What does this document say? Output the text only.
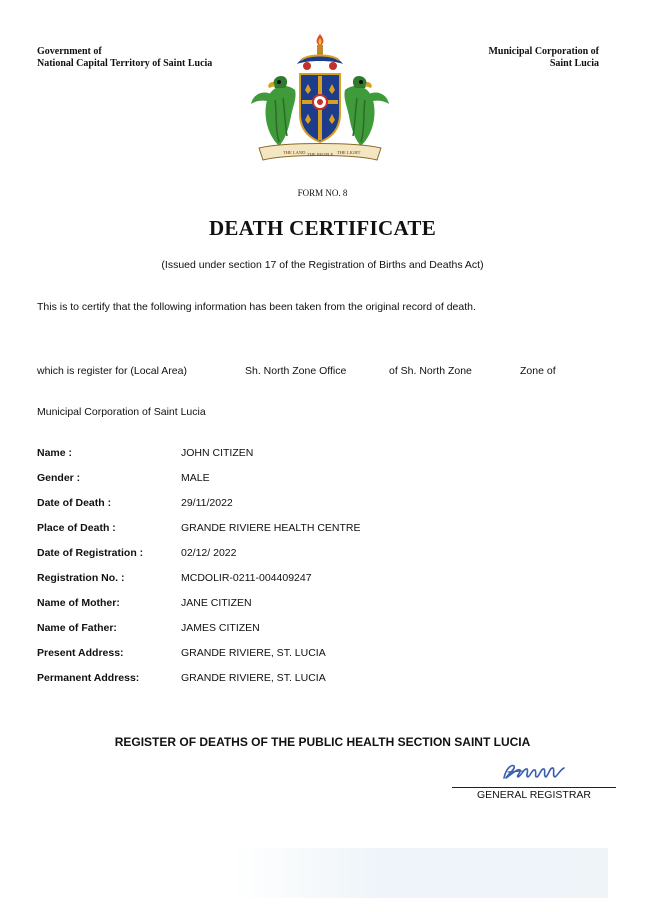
Government of
National Capital Territory of Saint Lucia
Municipal Corporation of
Saint Lucia
THE LAND THE PEOPLE THE LIGHT
FORM NO. 8
DEATH CERTIFICATE
(Issued under section 17 of the Registration of Births and Deaths Act)
This is to certify that the following information has been taken from the original record of death.
which is register for (Local Area)	Sh. North Zone Office	of Sh. North Zone	Zone of
Municipal Corporation of Saint Lucia
Name :	JOHN CITIZEN
Gender :	MALE
Date of Death :	29/11/2022
Place of Death :	GRANDE RIVIERE HEALTH CENTRE
Date of Registration :	02/12/ 2022
Registration No. :	MCDOLIR-0211-004409247
Name of Mother:	JANE CITIZEN
Name of Father:	JAMES CITIZEN
Present Address:	GRANDE RIVIERE, ST. LUCIA
Permanent Address:	GRANDE RIVIERE, ST. LUCIA
REGISTER OF DEATHS OF THE PUBLIC HEALTH SECTION SAINT LUCIA
GENERAL REGISTRAR
